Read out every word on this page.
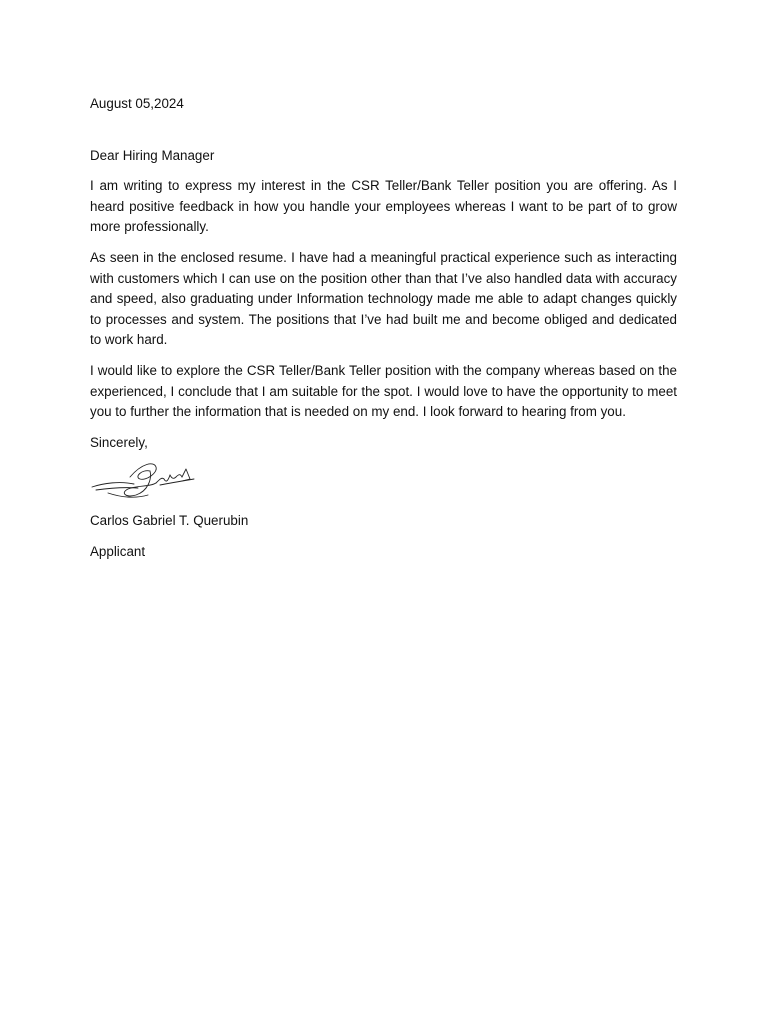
August 05,2024

Dear Hiring Manager

I am writing to express my interest in the CSR Teller/Bank Teller position you are offering. As I heard positive feedback in how you handle your employees whereas I want to be part of to grow more professionally.

As seen in the enclosed resume. I have had a meaningful practical experience such as interacting with customers which I can use on the position other than that I’ve also handled data with accuracy and speed, also graduating under Information technology made me able to adapt changes quickly to processes and system. The positions that I’ve had built me and become obliged and dedicated to work hard.

I would like to explore the CSR Teller/Bank Teller position with the company whereas based on the experienced, I conclude that I am suitable for the spot. I would love to have the opportunity to meet you to further the information that is needed on my end. I look forward to hearing from you.

Sincerely,

Carlos Gabriel T. Querubin

Applicant
